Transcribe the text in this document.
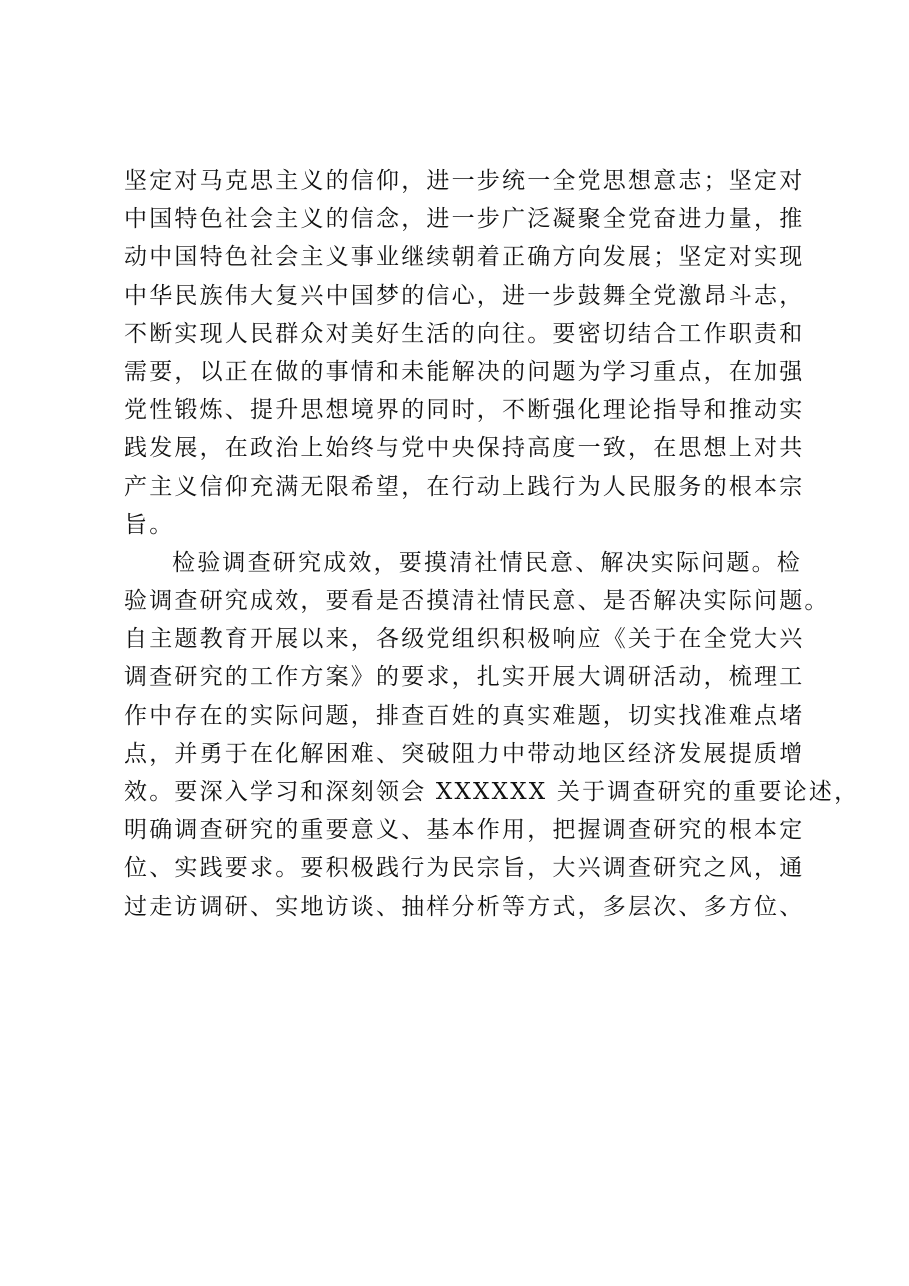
坚定对马克思主义的信仰，进一步统一全党思想意志；坚定对
中国特色社会主义的信念，进一步广泛凝聚全党奋进力量，推
动中国特色社会主义事业继续朝着正确方向发展；坚定对实现
中华民族伟大复兴中国梦的信心，进一步鼓舞全党激昂斗志，
不断实现人民群众对美好生活的向往。要密切结合工作职责和
需要，以正在做的事情和未能解决的问题为学习重点，在加强
党性锻炼、提升思想境界的同时，不断强化理论指导和推动实
践发展，在政治上始终与党中央保持高度一致，在思想上对共
产主义信仰充满无限希望，在行动上践行为人民服务的根本宗
旨。
检验调查研究成效，要摸清社情民意、解决实际问题。检
验调查研究成效，要看是否摸清社情民意、是否解决实际问题。
自主题教育开展以来，各级党组织积极响应《关于在全党大兴
调查研究的工作方案》的要求，扎实开展大调研活动，梳理工
作中存在的实际问题，排查百姓的真实难题，切实找准难点堵
点，并勇于在化解困难、突破阻力中带动地区经济发展提质增
效。要深入学习和深刻领会 XXXXXX 关于调查研究的重要论述，
明确调查研究的重要意义、基本作用，把握调查研究的根本定
位、实践要求。要积极践行为民宗旨，大兴调查研究之风，通
过走访调研、实地访谈、抽样分析等方式，多层次、多方位、
